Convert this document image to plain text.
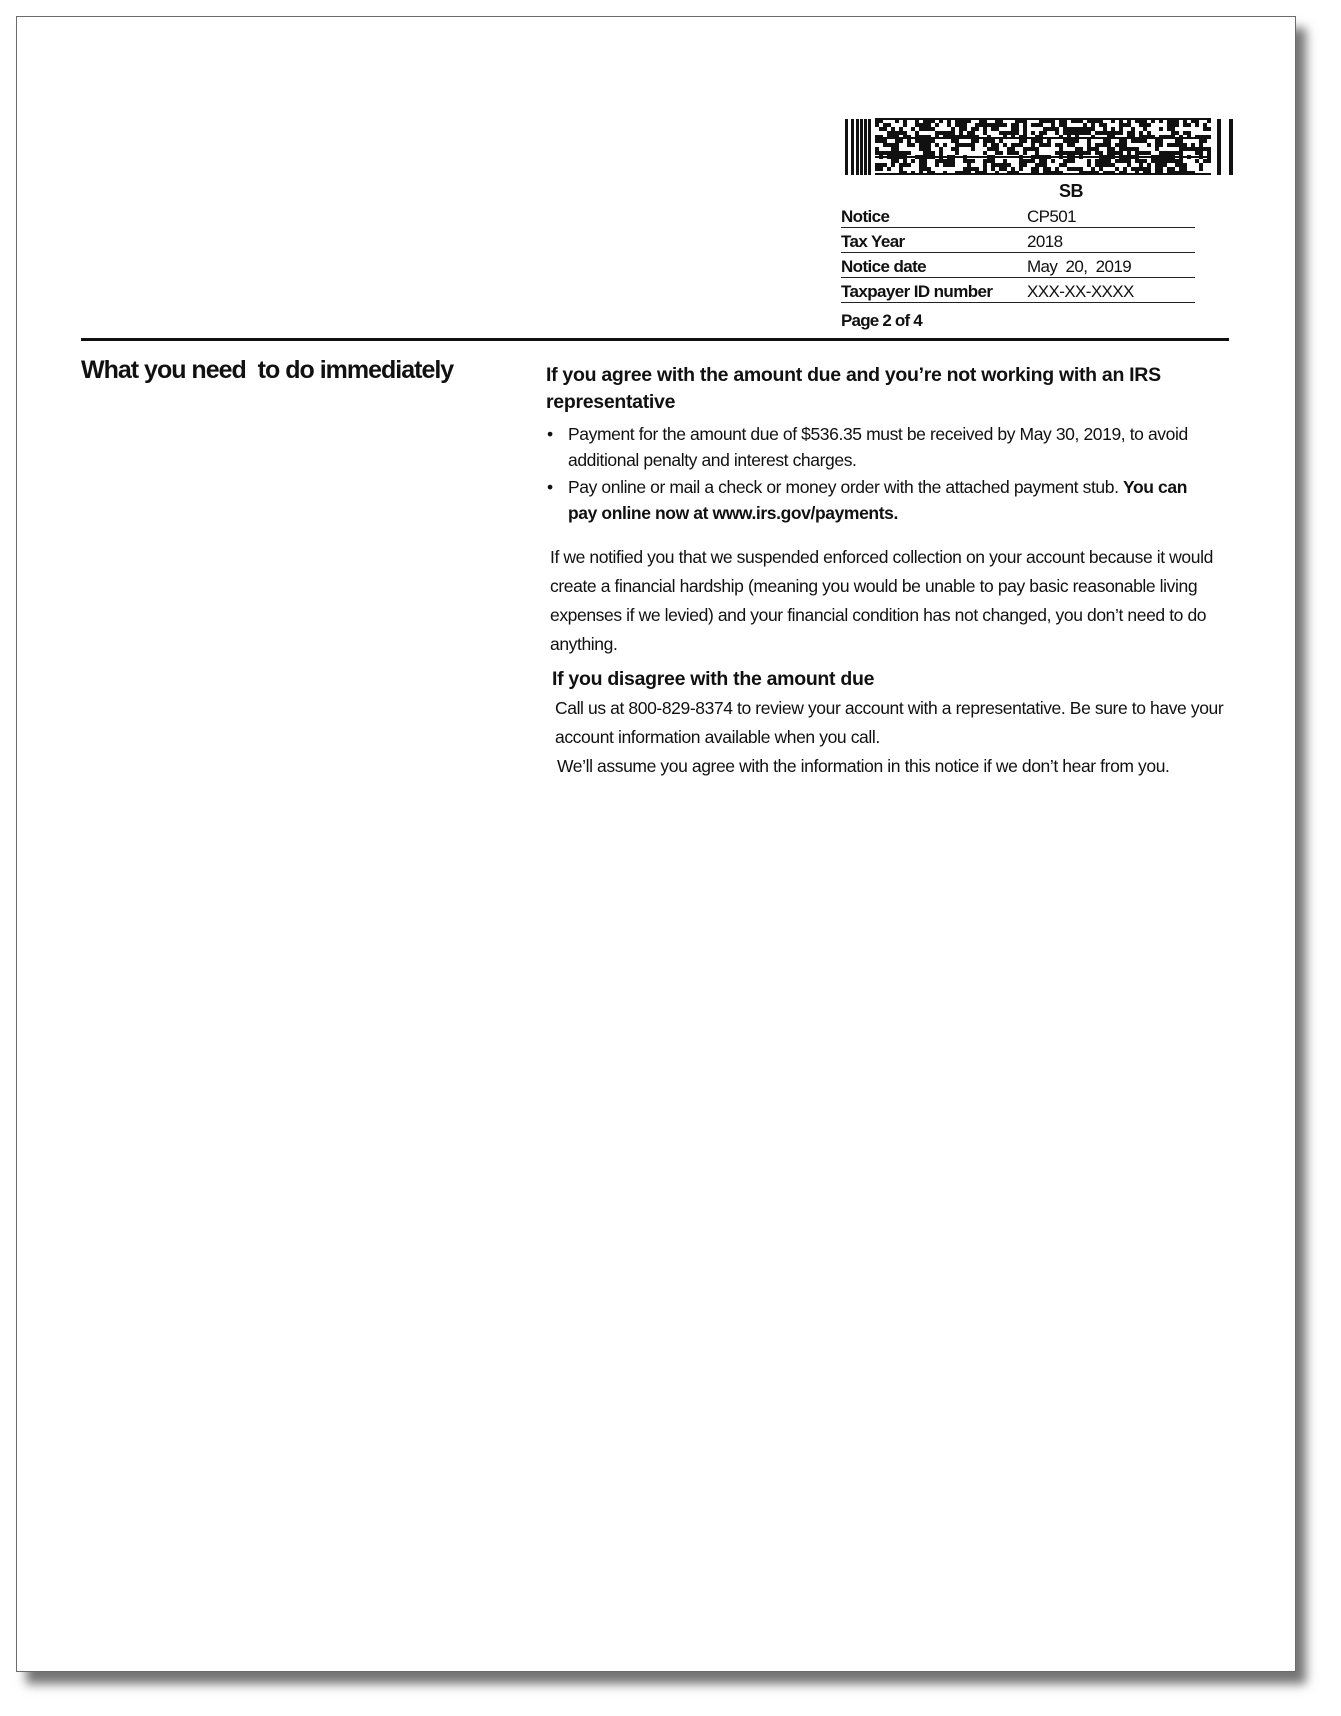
SB
Notice	CP501
Tax Year	2018
Notice date	May  20,  2019
Taxpayer ID number	XXX-XX-XXXX
Page 2 of 4
What you need  to do immediately	If you agree with the amount due and you’re not working with an IRS representative
• Payment for the amount due of $536.35 must be received by May 30, 2019, to avoid additional penalty and interest charges.
• Pay online or mail a check or money order with the attached payment stub. You can pay online now at www.irs.gov/payments.
If we notified you that we suspended enforced collection on your account because it would create a financial hardship (meaning you would be unable to pay basic reasonable living expenses if we levied) and your financial condition has not changed, you don’t need to do anything.
If you disagree with the amount due
Call us at 800-829-8374 to review your account with a representative. Be sure to have your account information available when you call.
We’ll assume you agree with the information in this notice if we don’t hear from you.
